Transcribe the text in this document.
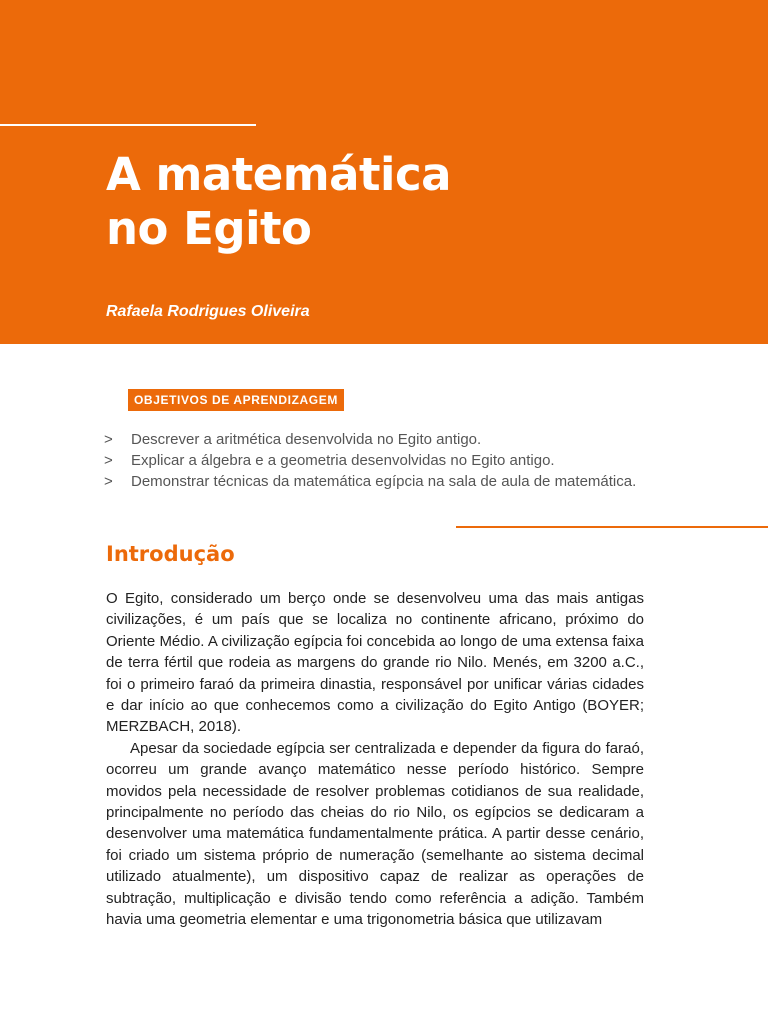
A matemática
no Egito
Rafaela Rodrigues Oliveira
OBJETIVOS DE APRENDIZAGEM
> Descrever a aritmética desenvolvida no Egito antigo.
> Explicar a álgebra e a geometria desenvolvidas no Egito antigo.
> Demonstrar técnicas da matemática egípcia na sala de aula de matemática.
Introdução

O Egito, considerado um berço onde se desenvolveu uma das mais antigas civilizações, é um país que se localiza no continente africano, próximo do Oriente Médio. A civilização egípcia foi concebida ao longo de uma extensa faixa de terra fértil que rodeia as margens do grande rio Nilo. Menés, em 3200 a.C., foi o primeiro faraó da primeira dinastia, responsável por unificar várias cidades e dar início ao que conhecemos como a civilização do Egito Antigo (BOYER; MERZBACH, 2018).

Apesar da sociedade egípcia ser centralizada e depender da figura do faraó, ocorreu um grande avanço matemático nesse período histórico. Sempre movidos pela necessidade de resolver problemas cotidianos de sua realidade, principalmente no período das cheias do rio Nilo, os egípcios se dedicaram a desenvolver uma matemática fundamentalmente prática. A partir desse cenário, foi criado um sistema próprio de numeração (semelhante ao sistema decimal utilizado atualmente), um dispositivo capaz de realizar as operações de subtração, multiplicação e divisão tendo como referência a adição. Também havia uma geometria elementar e uma trigonometria básica que utilizavam
